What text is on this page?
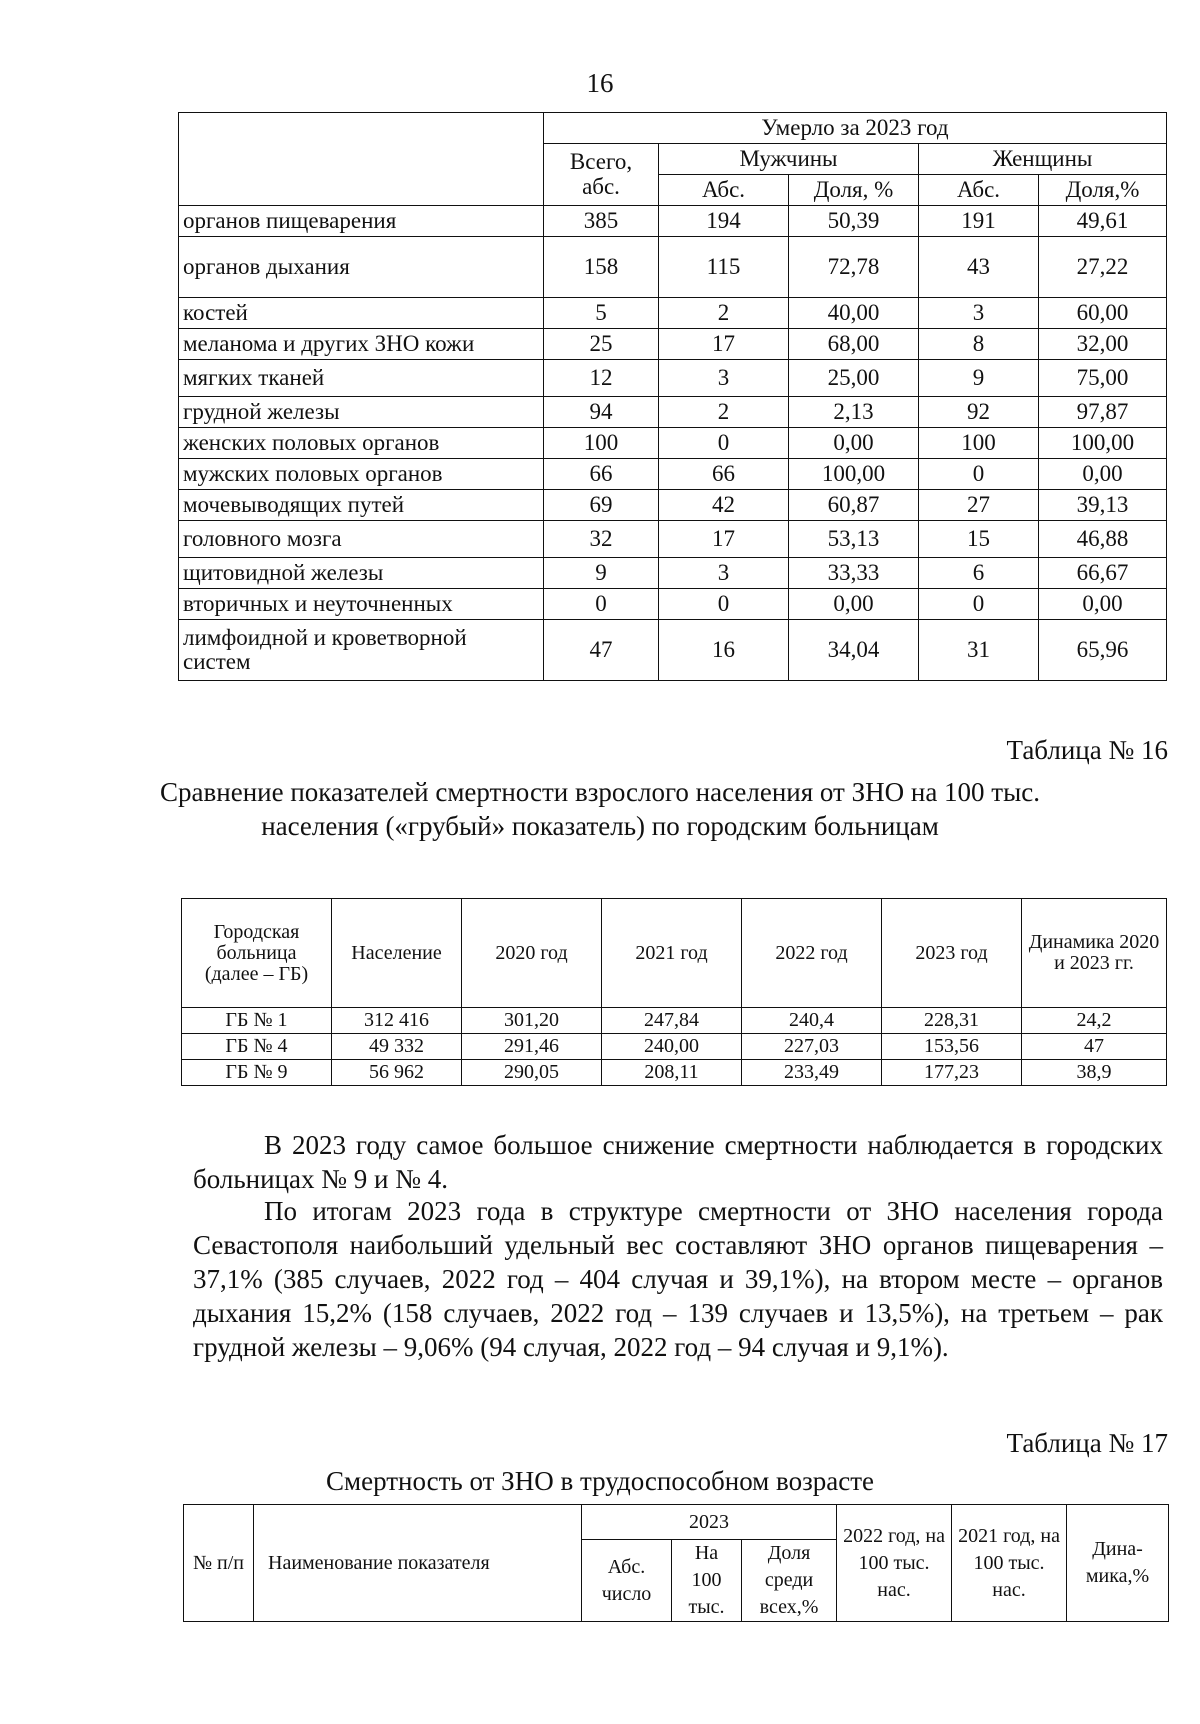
16
	Умерло за 2023 год				
	Всего, абс.	Мужчины		Женщины	
		Абс.	Доля, %	Абс.	Доля,%
органов пищеварения	385	194	50,39	191	49,61
органов дыхания	158	115	72,78	43	27,22
костей	5	2	40,00	3	60,00
меланома и других ЗНО кожи	25	17	68,00	8	32,00
мягких тканей	12	3	25,00	9	75,00
грудной железы	94	2	2,13	92	97,87
женских половых органов	100	0	0,00	100	100,00
мужских половых органов	66	66	100,00	0	0,00
мочевыводящих путей	69	42	60,87	27	39,13
головного мозга	32	17	53,13	15	46,88
щитовидной железы	9	3	33,33	6	66,67
вторичных и неуточненных	0	0	0,00	0	0,00
лимфоидной и кроветворной систем	47	16	34,04	31	65,96
Таблица № 16
Сравнение показателей смертности взрослого населения от ЗНО на 100 тыс. населения («грубый» показатель) по городским больницам
Городская больница (далее – ГБ)	Население	2020 год	2021 год	2022 год	2023 год	Динамика 2020 и 2023 гг.
ГБ № 1	312 416	301,20	247,84	240,4	228,31	24,2
ГБ № 4	49 332	291,46	240,00	227,03	153,56	47
ГБ № 9	56 962	290,05	208,11	233,49	177,23	38,9
В 2023 году самое большое снижение смертности наблюдается в городских больницах № 9 и № 4.
По итогам 2023 года в структуре смертности от ЗНО населения города Севастополя наибольший удельный вес составляют ЗНО органов пищеварения – 37,1% (385 случаев, 2022 год – 404 случая и 39,1%), на втором месте – органов дыхания 15,2% (158 случаев, 2022 год – 139 случаев и 13,5%), на третьем – рак грудной железы – 9,06% (94 случая, 2022 год – 94 случая и 9,1%).
Таблица № 17
Смертность от ЗНО в трудоспособном возрасте
№ п/п	Наименование показателя	2023			2022 год, на 100 тыс. нас.	2021 год, на 100 тыс. нас.	Дина-мика,%
		Абс. число	На 100 тыс.	Доля среди всех,%			
